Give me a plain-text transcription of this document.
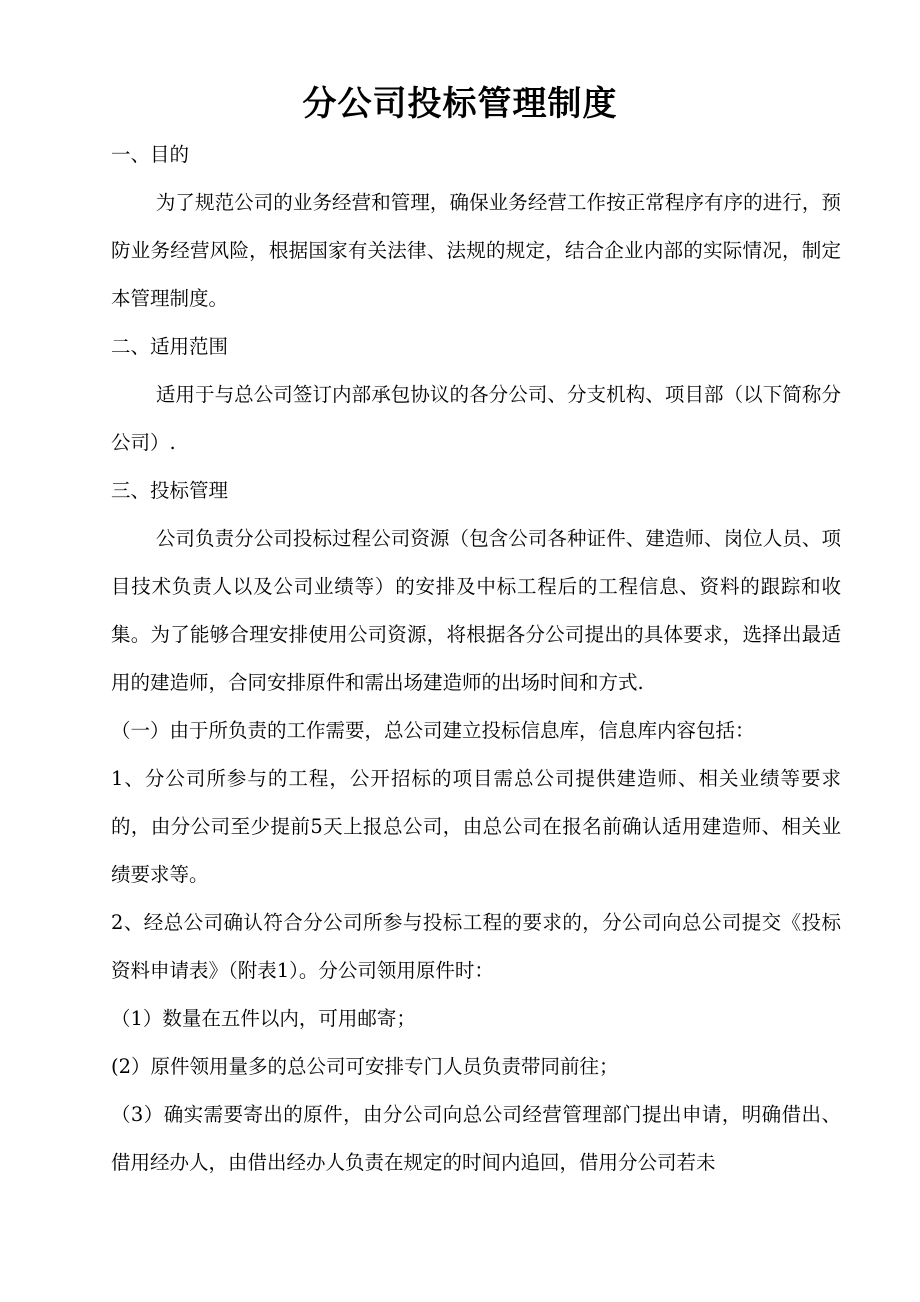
分公司投标管理制度

一、目的

为了规范公司的业务经营和管理，确保业务经营工作按正常程序有序的进行，预防业务经营风险，根据国家有关法律、法规的规定，结合企业内部的实际情况，制定本管理制度。

二、适用范围

适用于与总公司签订内部承包协议的各分公司、分支机构、项目部（以下简称分公司）.

三、投标管理

公司负责分公司投标过程公司资源（包含公司各种证件、建造师、岗位人员、项目技术负责人以及公司业绩等）的安排及中标工程后的工程信息、资料的跟踪和收集。为了能够合理安排使用公司资源，将根据各分公司提出的具体要求，选择出最适用的建造师，合同安排原件和需出场建造师的出场时间和方式.

（一）由于所负责的工作需要，总公司建立投标信息库，信息库内容包括：

1、分公司所参与的工程，公开招标的项目需总公司提供建造师、相关业绩等要求的，由分公司至少提前5天上报总公司，由总公司在报名前确认适用建造师、相关业绩要求等。

2、经总公司确认符合分公司所参与投标工程的要求的，分公司向总公司提交《投标资料申请表》（附表1）。分公司领用原件时：

（1）数量在五件以内，可用邮寄；

(2）原件领用量多的总公司可安排专门人员负责带同前往；

（3）确实需要寄出的原件，由分公司向总公司经营管理部门提出申请，明确借出、借用经办人，由借出经办人负责在规定的时间内追回，借用分公司若未
